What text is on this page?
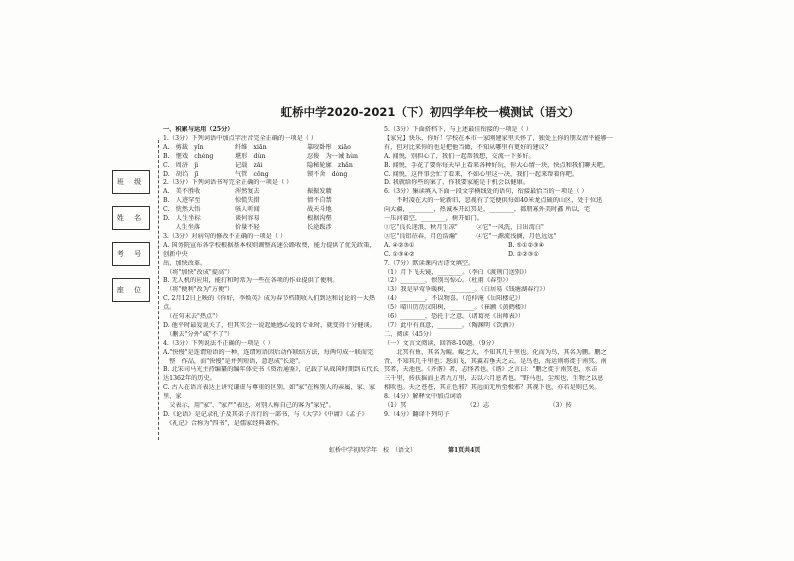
班 级
姓 名
考 号
座 位
虹桥中学2020-2021（下）初四学年校一模测试（语文）
一、积累与运用（25分）
1.（3分）下列词语中加点字注音完全正确的一项是（ ）
A.　剪裁　yǐn	纤维　xiān	靠咬卧彤　xiāo
B.　惬戏　chéng	堪形　dùn	忍俊　为一诫 hùn
C.　周济　jì	记载　zǎi	隐秘轮廓　zhǎn
D.　胡诌　jī	气管　cōng	锲不舍　dòng
2.（3分）下列词语书写完全正确的一项是（ ）
A.　美不胜收	浑然复去	振振发聩
B.　人迹罕至	惊慌失措	情不自禁
C.　恍然大悟	骇人听闻	战天斗地
D.　人生坐标	谈何容易	根据沟壑
　　人生坐落	价量不轻	长途跋涉
3.（3分）对病句的修改不正确的一项是（ ）
A. 国务院宣布各学校根据基本权则调整高速公路收费，能力提供了优先政策，创新中央
出，加快改革。
　（将"加快"改成"提高"）
B. 无人机的应用，能打和时常为一些在各项的作业提供了便利。
　（将"便利"改为"方便"）
C. 2月12日上映的《你好，李焕英》成为春节档期收入们到达和讨论的一大热点。
　（在句末去"热点"）
D. 他平时最爱说关了，但其实会一说起她感心爱的专业时，就变得十分健谈。
　（删去"分外"或"不了"）
4.（3分）下列说法不正确的一项是（ ）
A."快慢"是连谓短语的一种，连谓短语因后动作联结方法，每两句成一联而完
　整　作品，而"快慢"是并列短语，意思成"长途"。
B. 北宋司马光主持编纂的编年体史书《资治通鉴》，记载了从战国时期到五代长达1362年的历史。
C. 古人在语言表达上讲究谦虚与尊重的区别，如"家"在称别人的亲属、家、家里、家
　父表示，用"家"、"家严"表达，对别人称自己的客为"家兄"。
D.《论语》是记录孔子及其弟子言行的一部书，与《大学》《中庸》《孟子》
　《礼记》合称为"四书"，是儒家经典著作。
5.（3分）下面搭档下，与上述最佳衔接的一项是（ ）
【家兄】快乐，你好！学校在本市一家刚建家里关怀了，独处上你的朋友清平能够一
有，但对比来你的也是把他当做，不知从哪里有更好的建议？
A. 闻悦，别担心了，我们一起帮我想，交流一下多好。
B. 闻悦，手花了要你每天早上看来各种好玩，你大心情一块，快点和我们聊天吧。
C. 闻悦，这件事会忙了看来，不如心里这一决，我们一起来帮着你吧。
D. 我就给你些的案了，作我要家能是于机会以健康。
6.（3分）集读填入下面一段文字横线处的语句，衔接最恰当的一项是（ ）
　　不时凌在大的一轮新旧，忽视有了完便供每如40米龙点硫的山区，处于位迅
向大疆，________，热诚本开幻冥是，________，都朋寡外美时鑫 所以，宅
一压河着空，________，树开如门。
①它"良长迷浪，秋月生凉"　　　②它"一风洗，日出湾白"
③它"良铝莅春，月色浩瀚"　　　④它"一源流浅摘，月色远远"
A. ④②③①	B. ⑤①②③④
C. ①③④②	D. ②②③①
7.（7分）默读课内古诗文填空。
（1）月下飞天镜，________。（李白《渡荆门送别》）
（2）________，恨别鸟惊心。（杜甫《春望》）
（3）我是早莺争暖树，________。（白居易《钱塘湖春行》）
（4）________，不以物喜。（范仲淹《岳阳楼记》）
（5）晴川历历汉阳树，________。（崔颢《黄鹤楼》）
（6）________，恐托于之意。（诸葛亮《出师表》）
（7）此中有真意，________。（陶渊明《饮酒》）
二、阅读（45分）
（一）文言文阅读，回答8-10题。（9分）
　　北冥有鱼，其名为鲲。鲲之大，不知其几千里也。化而为鸟，其名为鹏。鹏之
背，不知其几千里也；怒而飞，其翼若垂天之云。是鸟也，海运则将徙于南冥。南
冥者，天池也。《齐谐》者，志怪者也。《谐》之言曰："鹏之徙于南冥也，水击
三千里，抟扶摇而上者九万里，去以六月息者也。"野马也，尘埃也，生物之以息
相吹也。天之苍苍，其正色邪？其远而无所至极邪？其视下也，亦若是则已矣。
8.（4分）解释文中加点词语
（1）冥	（2）志	（3）抟
9.（4分）翻译下列句子
虹桥中学初四学年　校　（语文）	第1页共4页
